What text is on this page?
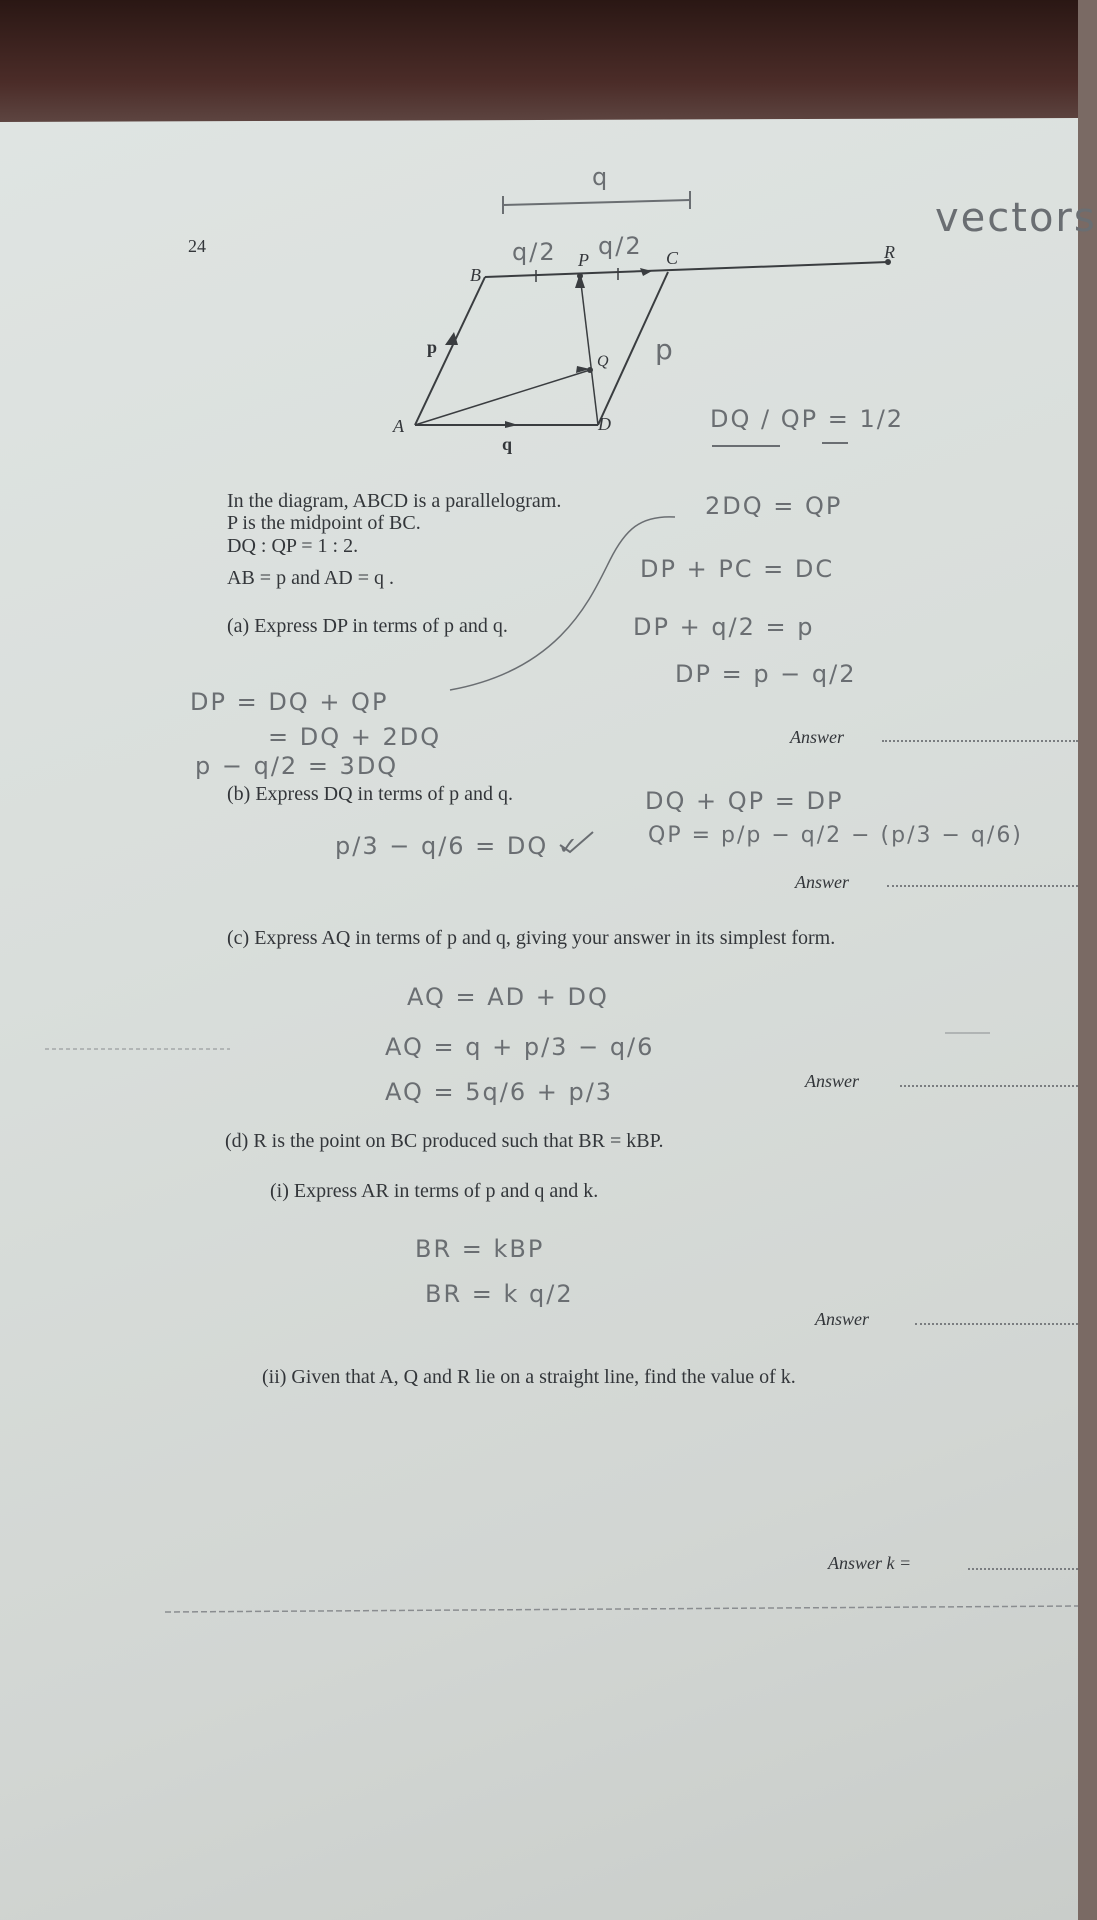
24
vectors
B
P	C	R
A	D
Q
p
q
q
q/2 q/2
p
In the diagram, ABCD is a parallelogram.
P is the midpoint of BC.
DQ : QP = 1 : 2.
AB = p and AD = q .
(a) Express DP in terms of p and q.
DQ / QP = 1/2
2DQ = QP
DP + PC = DC
DP + q/2 = p
DP = p − q/2
DP = DQ + QP
= DQ + 2DQ
p − q/2 = 3DQ
Answer
(b) Express DQ in terms of p and q.
p/3 − q/6 = DQ ✓
DQ + QP = DP
QP = p/p − q/2 − (p/3 − q/6)
Answer
(c) Express AQ in terms of p and q, giving your answer in its simplest form.
AQ = AD + DQ
AQ = q + p/3 − q/6
AQ = 5q/6 + p/3	Answer
(d) R is the point on BC produced such that BR = kBP.
(i) Express AR in terms of p and q and k.
BR = kBP
BR = k q/2
Answer
(ii) Given that A, Q and R lie on a straight line, find the value of k.
Answer k =
